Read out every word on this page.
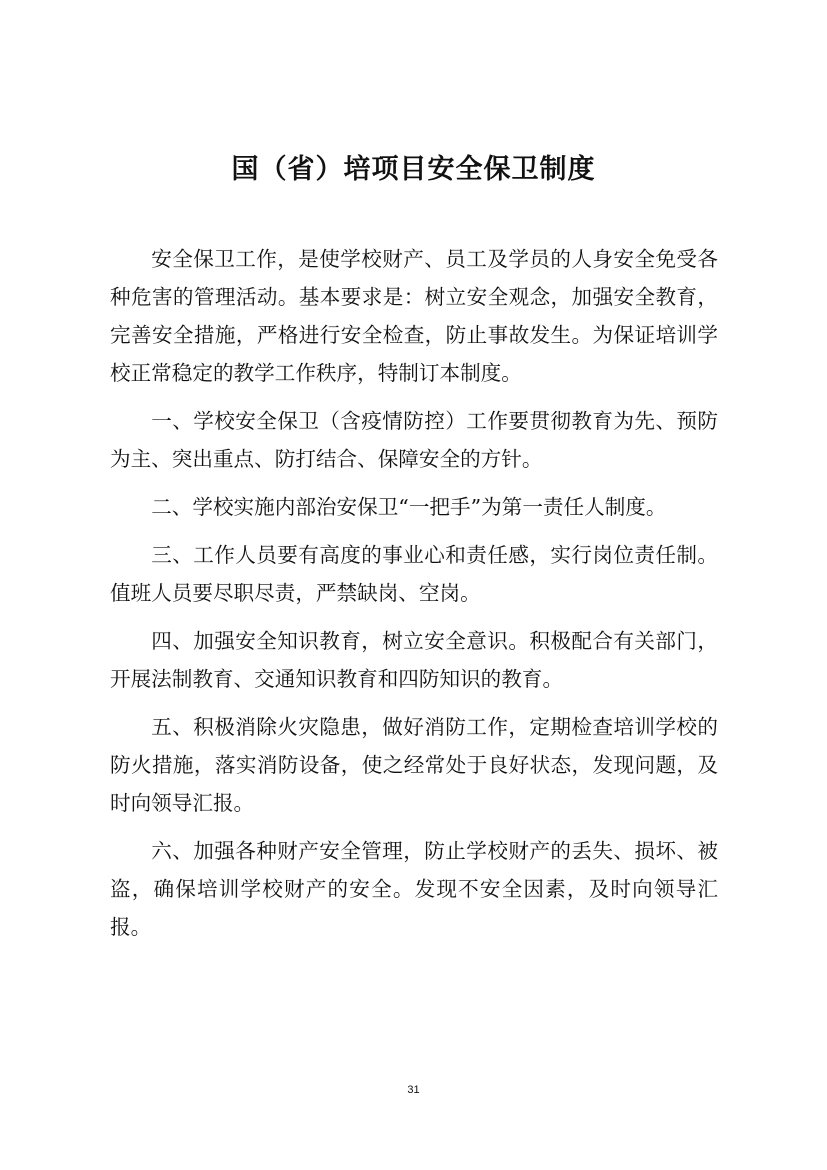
国（省）培项目安全保卫制度

安全保卫工作，是使学校财产、员工及学员的人身安全免受各种危害的管理活动。基本要求是：树立安全观念，加强安全教育，完善安全措施，严格进行安全检查，防止事故发生。为保证培训学校正常稳定的教学工作秩序，特制订本制度。

一、学校安全保卫（含疫情防控）工作要贯彻教育为先、预防为主、突出重点、防打结合、保障安全的方针。

二、学校实施内部治安保卫“一把手”为第一责任人制度。

三、工作人员要有高度的事业心和责任感，实行岗位责任制。值班人员要尽职尽责，严禁缺岗、空岗。

四、加强安全知识教育，树立安全意识。积极配合有关部门，开展法制教育、交通知识教育和四防知识的教育。

五、积极消除火灾隐患，做好消防工作，定期检查培训学校的防火措施，落实消防设备，使之经常处于良好状态，发现问题，及时向领导汇报。

六、加强各种财产安全管理，防止学校财产的丢失、损坏、被盗，确保培训学校财产的安全。发现不安全因素，及时向领导汇报。

31
